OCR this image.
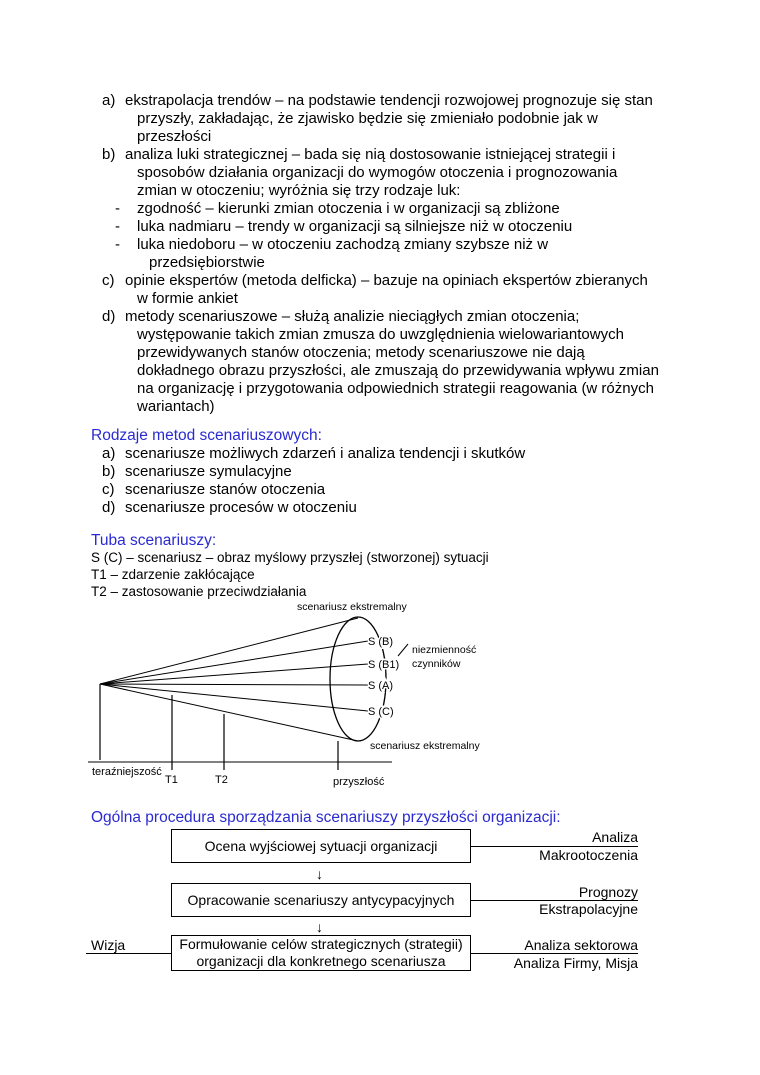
a) ekstrapolacja trendów – na podstawie tendencji rozwojowej prognozuje się stan
przyszły, zakładając, że zjawisko będzie się zmieniało podobnie jak w
przeszłości
b) analiza luki strategicznej – bada się nią dostosowanie istniejącej strategii i
sposobów działania organizacji do wymogów otoczenia i prognozowania
zmian w otoczeniu; wyróżnia się trzy rodzaje luk:
- zgodność – kierunki zmian otoczenia i w organizacji są zbliżone
- luka nadmiaru – trendy w organizacji są silniejsze niż w otoczeniu
- luka niedoboru – w otoczeniu zachodzą zmiany szybsze niż w
przedsiębiorstwie
c) opinie ekspertów (metoda delficka) – bazuje na opiniach ekspertów zbieranych
w formie ankiet
d) metody scenariuszowe – służą analizie nieciągłych zmian otoczenia;
występowanie takich zmian zmusza do uwzględnienia wielowariantowych
przewidywanych stanów otoczenia; metody scenariuszowe nie dają
dokładnego obrazu przyszłości, ale zmuszają do przewidywania wpływu zmian
na organizację i przygotowania odpowiednich strategii reagowania (w różnych
wariantach)
Rodzaje metod scenariuszowych:
a) scenariusze możliwych zdarzeń i analiza tendencji i skutków
b) scenariusze symulacyjne
c) scenariusze stanów otoczenia
d) scenariusze procesów w otoczeniu
Tuba scenariuszy:
S (C) – scenariusz – obraz myślowy przyszłej (stworzonej) sytuacji
T1 – zdarzenie zakłócające
T2 – zastosowanie przeciwdziałania
scenariusz ekstremalny
scenariusz ekstremalny
niezmienność
czynników
S (B)
S (B1)
S (A)
S (C)
teraźniejszość
T1	T2	przyszłość
Ogólna procedura sporządzania scenariuszy przyszłości organizacji:
Ocena wyjściowej sytuacji organizacji
↓
Opracowanie scenariuszy antycypacyjnych
↓
Formułowanie celów strategicznych (strategii)
organizacji dla konkretnego scenariusza
Wizja
Analiza
Makrootoczenia
Prognozy
Ekstrapolacyjne
Analiza sektorowa
Analiza Firmy, Misja
